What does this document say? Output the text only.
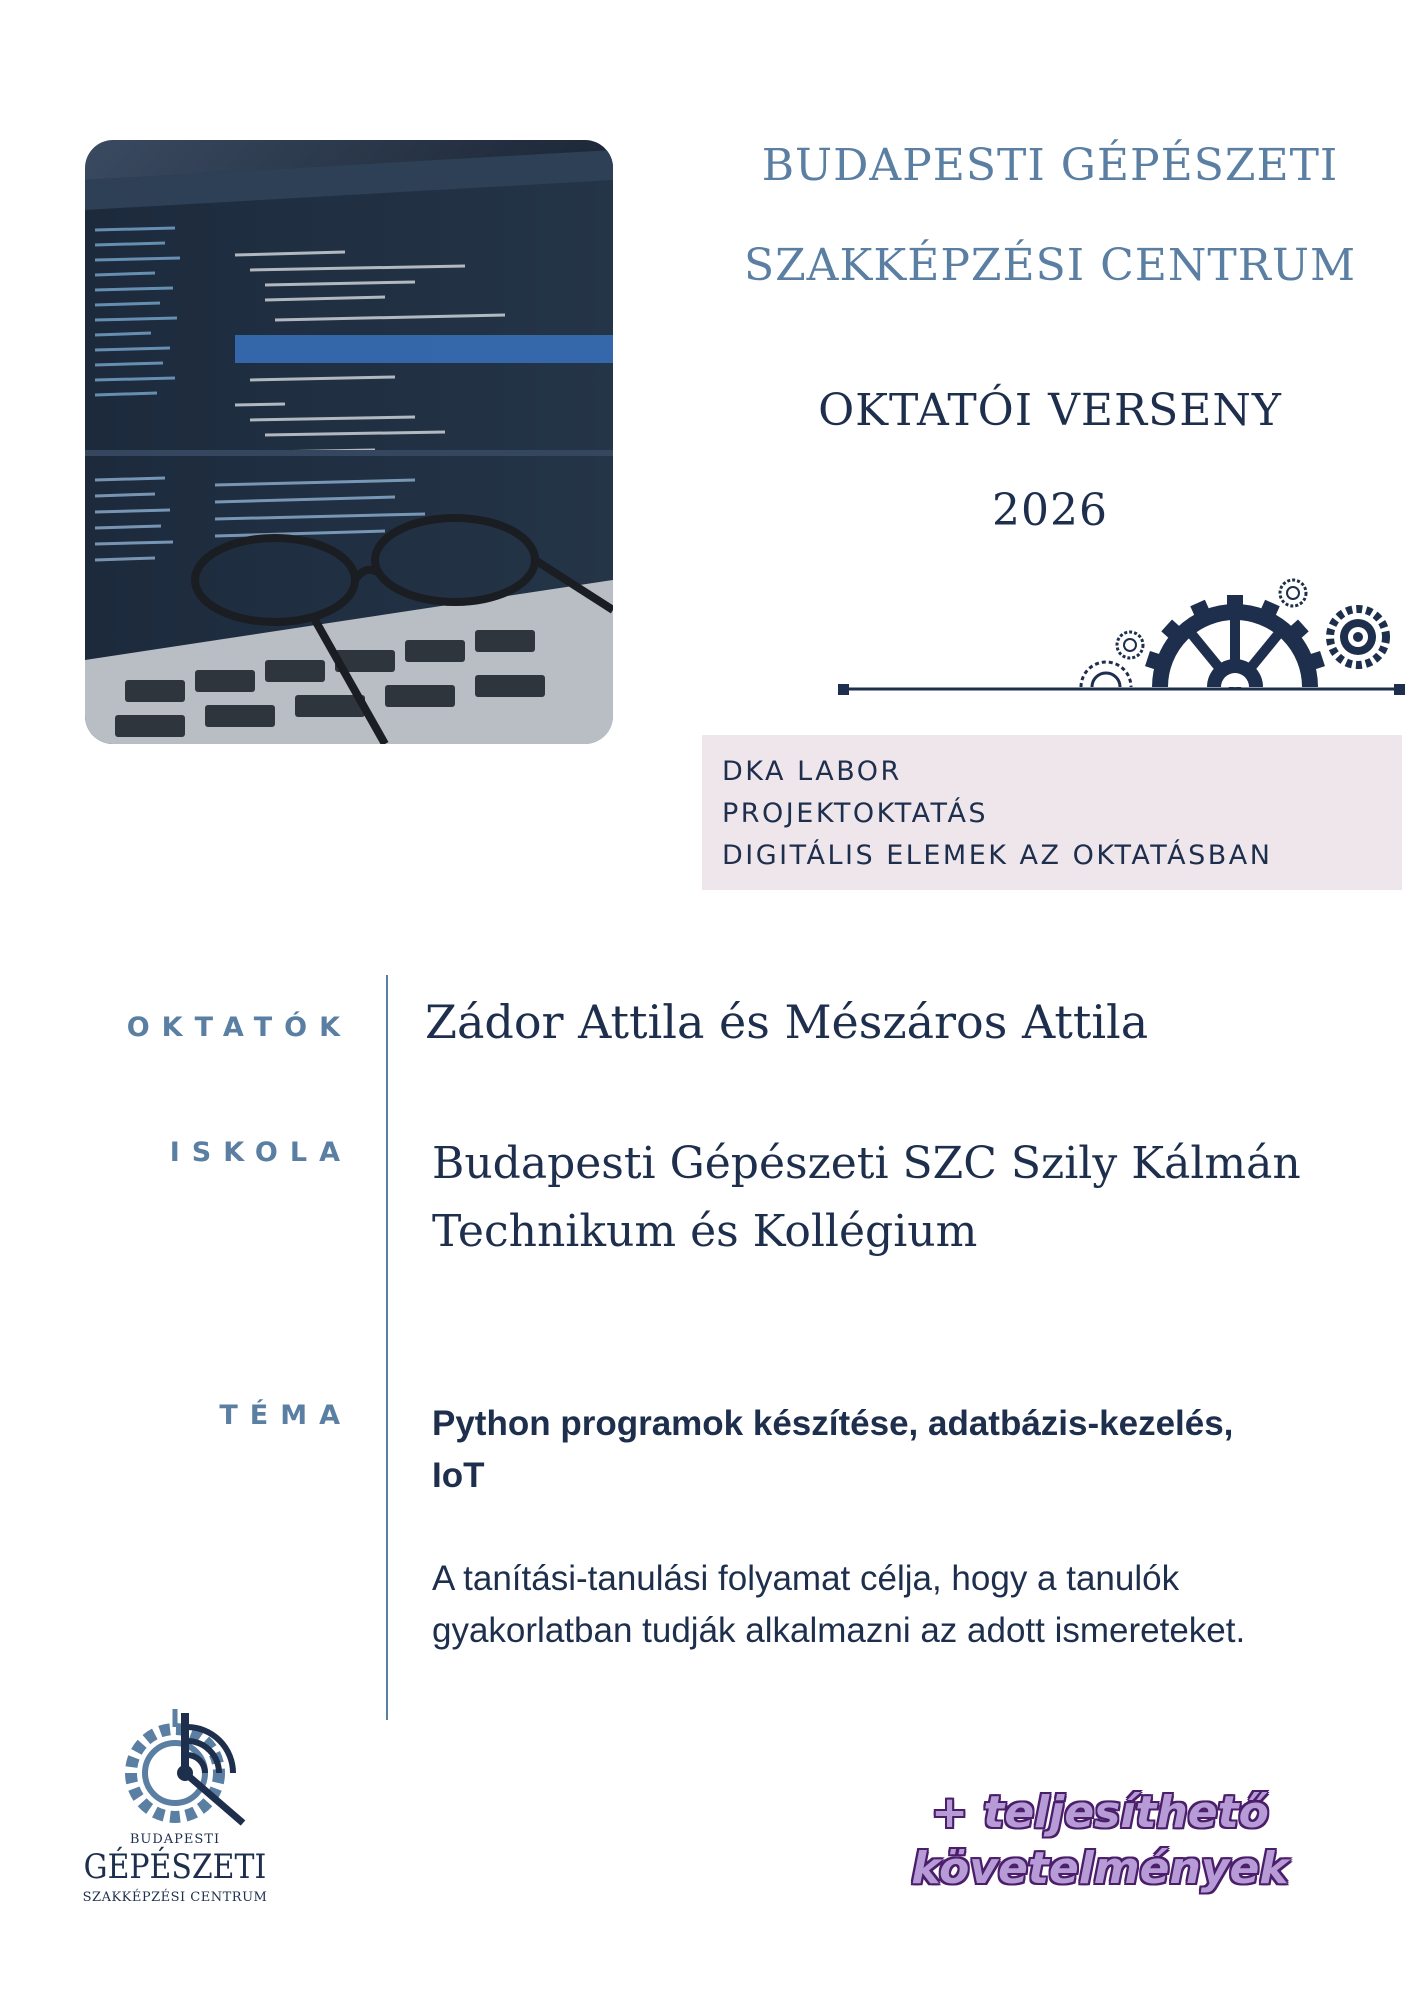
BUDAPESTI GÉPÉSZETI
SZAKKÉPZÉSI CENTRUM
OKTATÓI VERSENY
2026
DKA LABOR
PROJEKTOKTATÁS
DIGITÁLIS ELEMEK AZ OKTATÁSBAN
OKTATÓK Zádor Attila és Mészáros Attila
ISKOLA Budapesti Gépészeti SZC Szily Kálmán
Technikum és Kollégium
TÉMA Python programok készítése, adatbázis-kezelés,
IoT
A tanítási-tanulási folyamat célja, hogy a tanulók
gyakorlatban tudják alkalmazni az adott ismereteket.
BUDAPESTI
GÉPÉSZETI
SZAKKÉPZÉSI CENTRUM
+ teljesíthető
követelmények
